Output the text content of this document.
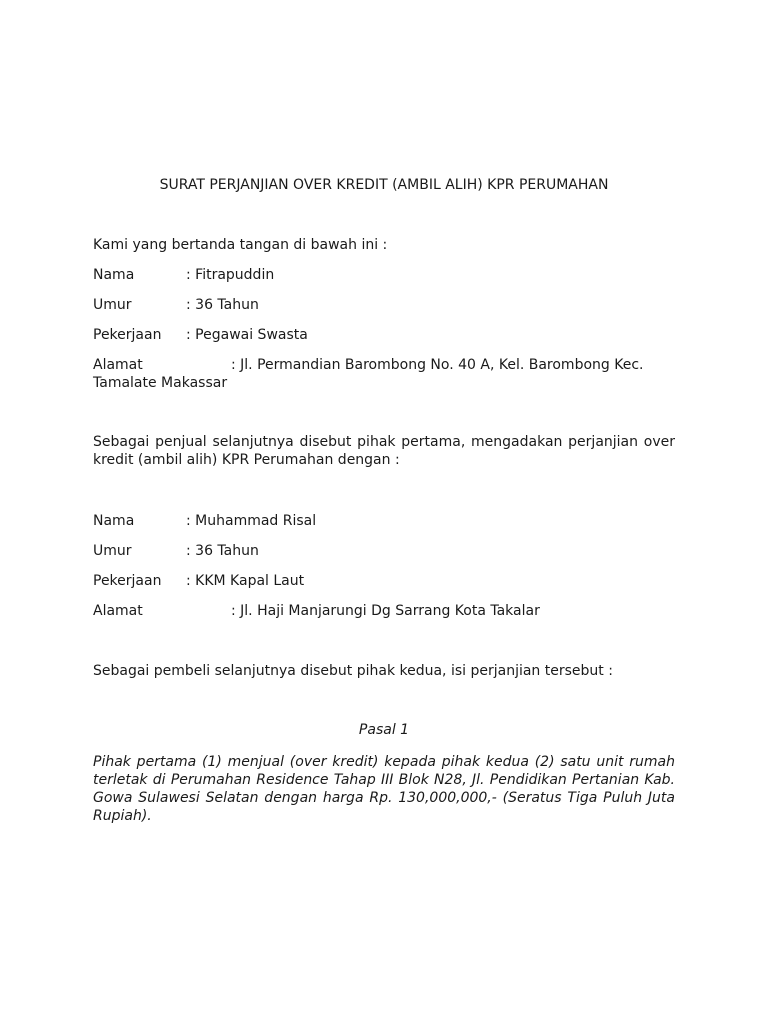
SURAT PERJANJIAN OVER KREDIT (AMBIL ALIH) KPR PERUMAHAN
Kami yang bertanda tangan di bawah ini :
Nama	: Fitrapuddin
Umur	: 36 Tahun
Pekerjaan : Pegawai Swasta
Alamat	: Jl. Permandian Barombong No. 40 A, Kel. Barombong Kec.
Tamalate Makassar
Sebagai penjual selanjutnya disebut pihak pertama, mengadakan perjanjian over kredit (ambil alih) KPR Perumahan dengan :
Nama	: Muhammad Risal
Umur	: 36 Tahun
Pekerjaan : KKM Kapal Laut
Alamat	: Jl. Haji Manjarungi Dg Sarrang Kota Takalar
Sebagai pembeli selanjutnya disebut pihak kedua, isi perjanjian tersebut :
Pasal 1
Pihak pertama (1) menjual (over kredit) kepada pihak kedua (2) satu unit rumah terletak di Perumahan Residence Tahap III Blok N28, Jl. Pendidikan Pertanian Kab. Gowa Sulawesi Selatan dengan harga Rp. 130,000,000,- (Seratus Tiga Puluh Juta Rupiah).
